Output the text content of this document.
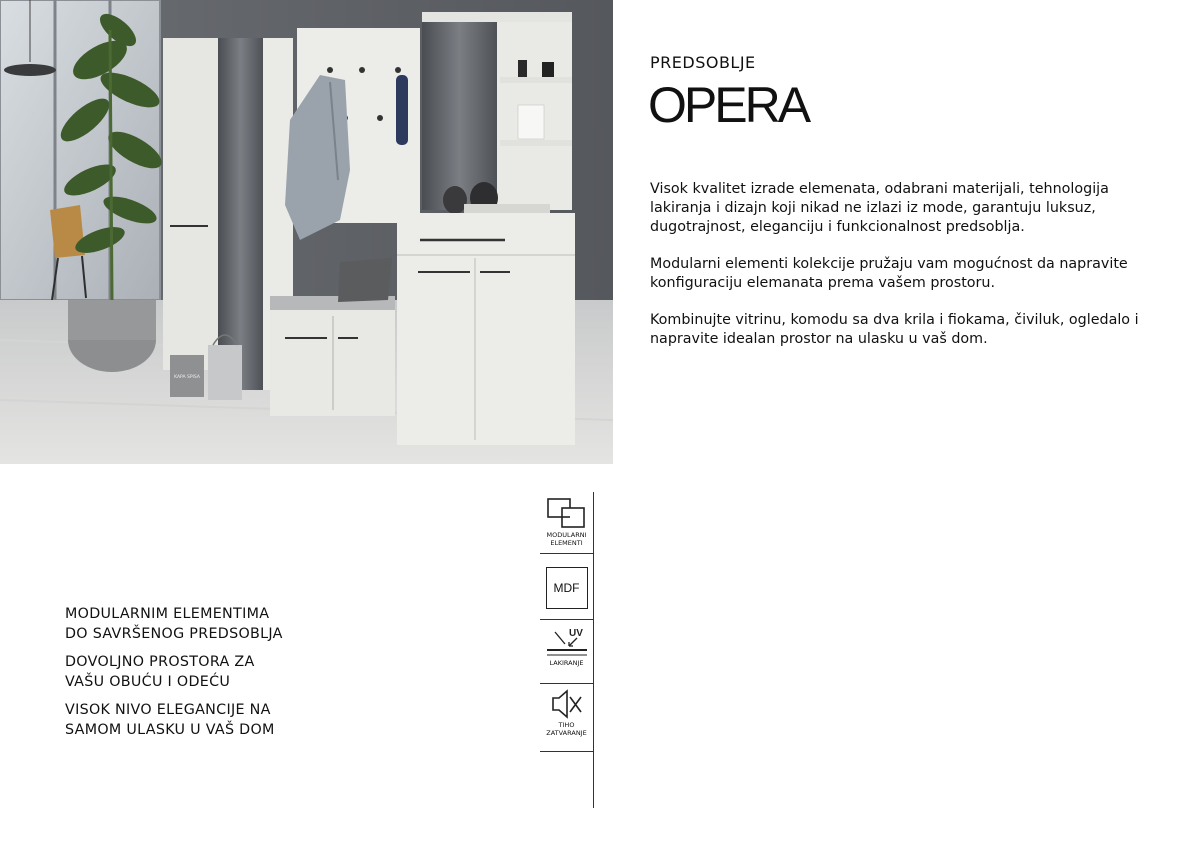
KAPA SPISA
PREDSOBLJE
OPERA

Visok kvalitet izrade elemenata, odabrani materijali, tehnologija lakiranja i dizajn koji nikad ne izlazi iz mode, garantuju luksuz, dugotrajnost, eleganciju i funkcionalnost predsoblja.

Modularni elementi kolekcije pružaju vam mogućnost da napravite konfiguraciju elemanata prema vašem prostoru.

Kombinujte vitrinu, komodu sa dva krila i fiokama, čiviluk, ogledalo i napravite idealan prostor na ulasku u vaš dom.

MODULARNIM ELEMENTIMA
DO SAVRŠENOG PREDSOBLJA

DOVOLJNO PROSTORA ZA
VAŠU OBUĆU I ODEĆU

VISOK NIVO ELEGANCIJE NA
SAMOM ULASKU U VAŠ DOM

MODULARNI
ELEMENTI
MDF
UV
LAKIRANJE
TIHO
ZATVARANJE
